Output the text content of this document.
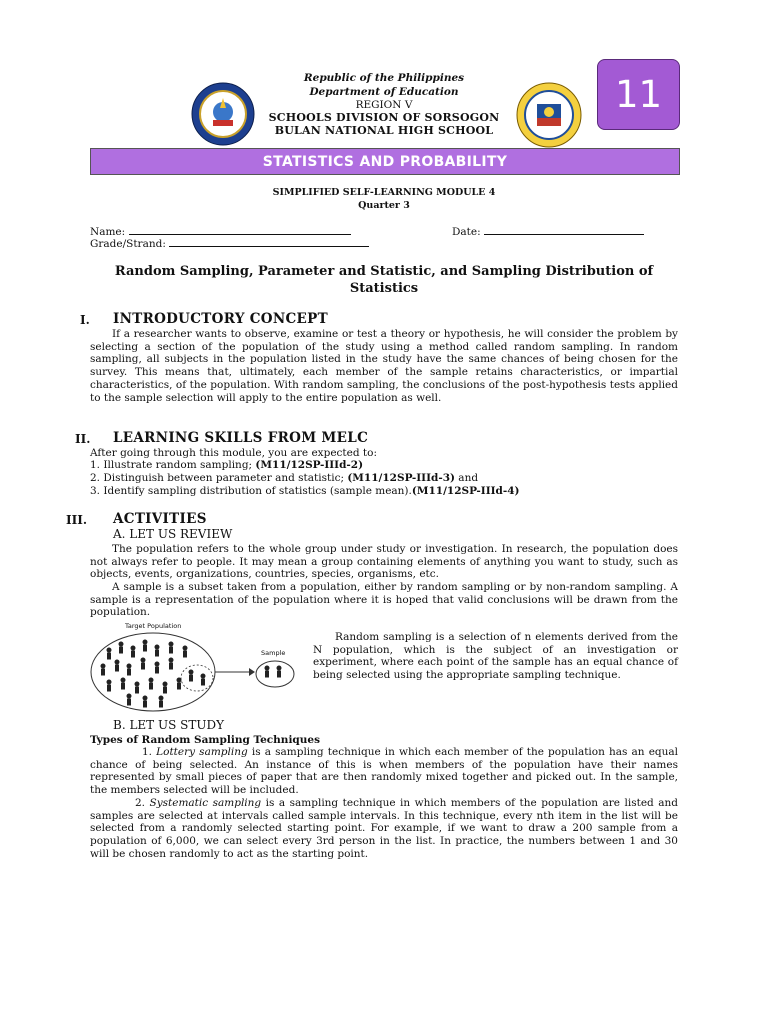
Republic of the Philippines
Department of Education
REGION V
SCHOOLS DIVISION OF SORSOGON
BULAN NATIONAL HIGH SCHOOL
11
STATISTICS AND PROBABILITY
SIMPLIFIED SELF-LEARNING MODULE 4
Quarter 3
Name:	Date:
Grade/Strand:
Random Sampling, Parameter and Statistic, and Sampling Distribution of Statistics
I. INTRODUCTORY CONCEPT
If a researcher wants to observe, examine or test a theory or hypothesis, he will consider the problem by selecting a section of the population of the study using a method called random sampling. In random sampling, all subjects in the population listed in the study have the same chances of being chosen for the survey. This means that, ultimately, each member of the sample retains characteristics, or impartial characteristics, of the population. With random sampling, the conclusions of the post-hypothesis tests applied to the sample selection will apply to the entire population as well.
II. LEARNING SKILLS FROM MELC
After going through this module, you are expected to:
1. Illustrate random sampling; (M11/12SP-IIId-2)
2. Distinguish between parameter and statistic; (M11/12SP-IIId-3) and
3. Identify sampling distribution of statistics (sample mean).(M11/12SP-IIId-4)
III. ACTIVITIES
A. LET US REVIEW
The population refers to the whole group under study or investigation. In research, the population does not always refer to people. It may mean a group containing elements of anything you want to study, such as objects, events, organizations, countries, species, organisms, etc.
A sample is a subset taken from a population, either by random sampling or by non-random sampling. A sample is a representation of the population where it is hoped that valid conclusions will be drawn from the population.
Target Population
Sample
Random sampling is a selection of n elements derived from the N population, which is the subject of an investigation or experiment, where each point of the sample has an equal chance of being selected using the appropriate sampling technique.
B. LET US STUDY
Types of Random Sampling Techniques
1. Lottery sampling is a sampling technique in which each member of the population has an equal chance of being selected. An instance of this is when members of the population have their names represented by small pieces of paper that are then randomly mixed together and picked out. In the sample, the members selected will be included.
2. Systematic sampling is a sampling technique in which members of the population are listed and samples are selected at intervals called sample intervals. In this technique, every nth item in the list will be selected from a randomly selected starting point. For example, if we want to draw a 200 sample from a population of 6,000, we can select every 3rd person in the list. In practice, the numbers between 1 and 30 will be chosen randomly to act as the starting point.
